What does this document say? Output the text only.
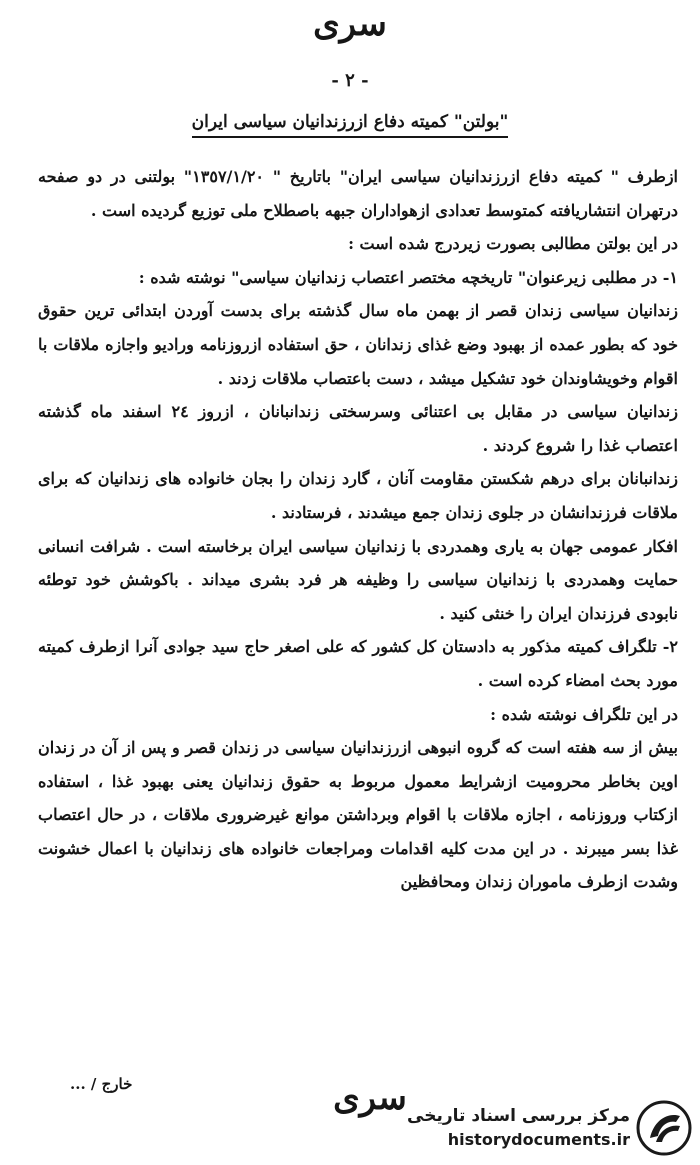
سری
- ٢ -
بولتن" کمیته دفاع ازرزندانیان سیاسی ایران"

ازطرف " کمیته دفاع ازرزندانیان سیاسی ایران" باتاریخ " ١٣٥٧/١/٢٠" بولتنی در دو صفحه درتهران انتشاریافته کمتوسط تعدادی ازهواداران جبهه باصطلاح ملی توزیع گردیده است .

در این بولتن مطالبی بصورت زیردرج شده است :

١- در مطلبی زیرعنوان" تاریخچه مختصر اعتصاب زندانیان سیاسی" نوشته شده :

زندانیان سیاسی زندان قصر از بهمن ماه سال گذشته برای بدست آوردن ابتدائی ترین حقوق خود که بطور عمده از بهبود وضع غذای زندانان ، حق استفاده ازروزنامه ورادیو واجازه ملاقات با اقوام وخویشاوندان خود تشکیل میشد ، دست باعتصاب ملاقات زدند .

زندانیان سیاسی در مقابل بی اعتنائی وسرسختی زندانبانان ، ازروز ٢٤ اسفند ماه گذشته اعتصاب غذا را شروع کردند .

زندانبانان برای درهم شکستن مقاومت آنان ، گارد زندان را بجان خانواده های زندانیان که برای ملاقات فرزندانشان در جلوی زندان جمع میشدند ، فرستادند .

افکار عمومی جهان به یاری وهمدردی با زندانیان سیاسی ایران برخاسته است . شرافت انسانی حمایت وهمدردی با زندانیان سیاسی را وظیفه هر فرد بشری میداند . باکوشش خود توطئه نابودی فرزندان ایران را خنثی کنید .

٢- تلگراف کمیته مذکور به دادستان کل کشور که علی اصغر حاج سید جوادی آنرا ازطرف کمیته مورد بحث امضاء کرده است .

در این تلگراف نوشته شده :

بیش از سه هفته است که گروه انبوهی ازرزندانیان سیاسی در زندان قصر و پس از آن در زندان اوین بخاطر محرومیت ازشرایط معمول مربوط به حقوق زندانیان یعنی بهبود غذا ، استفاده ازکتاب وروزنامه ، اجازه ملاقات با اقوام وبرداشتن موانع غیرضروری ملاقات ، در حال اعتصاب غذا بسر میبرند . در این مدت کلیه اقدامات ومراجعات خانواده های زندانیان با اعمال خشونت وشدت ازطرف ماموران زندان ومحافظین

خارج / ...	سری مرکز بررسی اسناد تاریخی
historydocuments.ir
